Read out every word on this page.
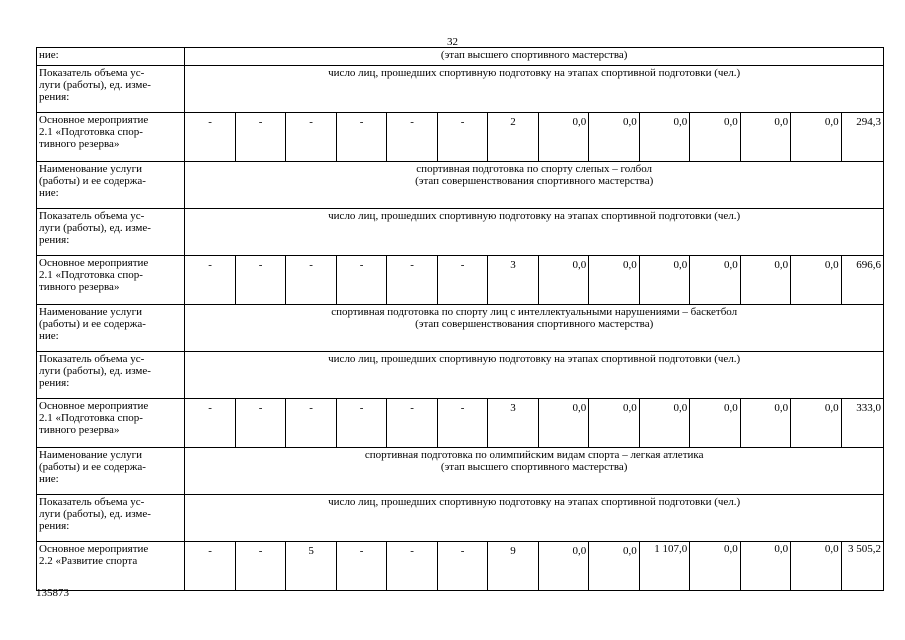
32
ние:	(этап высшего спортивного мастерства)													

Показатель объема ус-
луги (работы), ед. изме-
рения:	число лиц, прошедших спортивную подготовку на этапах спортивной подготовки (чел.)													

Основное мероприятие
2.1 «Подготовка спор-
тивного резерва»	-	-	-	-	-	-	2	0,0	0,0	0,0	0,0	0,0	0,0	294,3

Наименование услуги
(работы) и ее содержа-
ние:	спортивная подготовка по спорту слепых – голбол
(этап совершенствования спортивного мастерства)													

Показатель объема ус-
луги (работы), ед. изме-
рения:	число лиц, прошедших спортивную подготовку на этапах спортивной подготовки (чел.)													

Основное мероприятие
2.1 «Подготовка спор-
тивного резерва»	-	-	-	-	-	-	3	0,0	0,0	0,0	0,0	0,0	0,0	696,6

Наименование услуги
(работы) и ее содержа-
ние:	спортивная подготовка по спорту лиц с интеллектуальными нарушениями – баскетбол
(этап совершенствования спортивного мастерства)													

Показатель объема ус-
луги (работы), ед. изме-
рения:	число лиц, прошедших спортивную подготовку на этапах спортивной подготовки (чел.)													

Основное мероприятие
2.1 «Подготовка спор-
тивного резерва»	-	-	-	-	-	-	3	0,0	0,0	0,0	0,0	0,0	0,0	333,0

Наименование услуги
(работы) и ее содержа-
ние:	спортивная подготовка по олимпийским видам спорта – легкая атлетика
(этап высшего спортивного мастерства)													

Показатель объема ус-
луги (работы), ед. изме-
рения:	число лиц, прошедших спортивную подготовку на этапах спортивной подготовки (чел.)													

Основное мероприятие
2.2 «Развитие спорта	-	-	5	-	-	-	9	0,0	0,0	1 107,0	0,0	0,0	0,0	3 505,2
135873
